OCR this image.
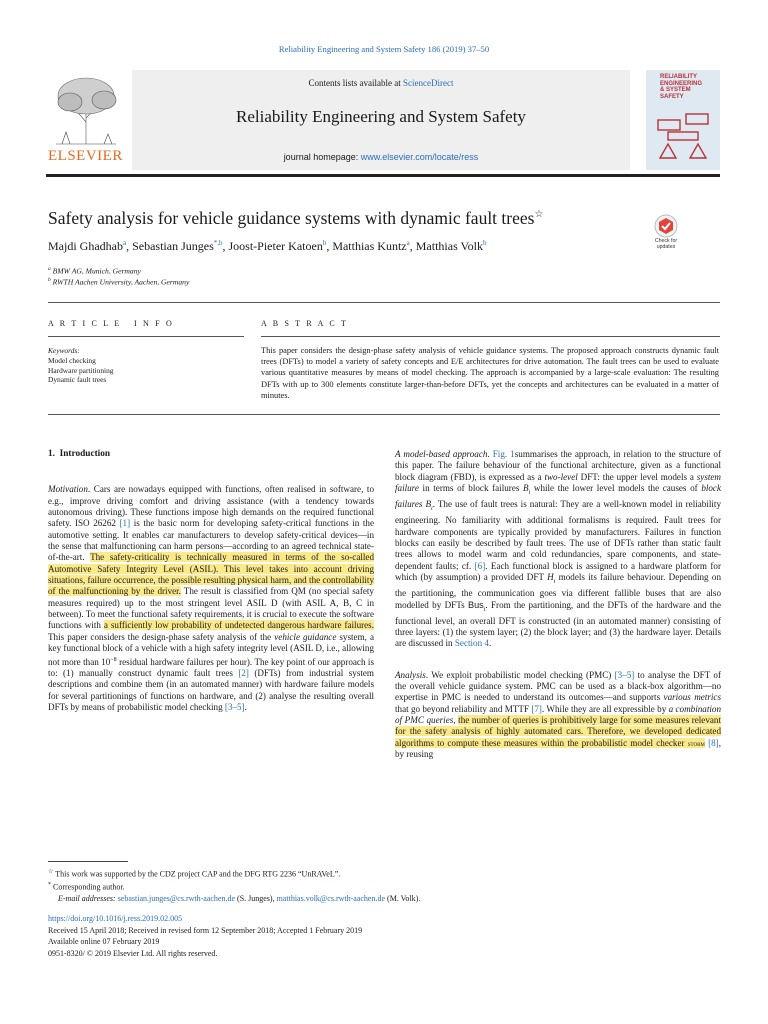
Reliability Engineering and System Safety 186 (2019) 37–50
ELSEVIER
Contents lists available at ScienceDirect
Reliability Engineering and System Safety
journal homepage: www.elsevier.com/locate/ress
RELIABILITY
ENGINEERING
& SYSTEM
SAFETY
Safety analysis for vehicle guidance systems with dynamic fault trees☆
Check for
updates
Majdi Ghadhab$^a$, Sebastian Junges$^{*,b}$, Joost-Pieter Katoen$^b$, Matthias Kuntz$^a$, Matthias Volk$^b$
$^a$ BMW AG, Munich, Germany
$^b$ RWTH Aachen University, Aachen, Germany
A R T I C L E   I N F O	A B S T R A C T
Keywords:
Model checking
Hardware partitioning
Dynamic fault trees
This paper considers the design-phase safety analysis of vehicle guidance systems. The proposed approach constructs dynamic fault trees (DFTs) to model a variety of safety concepts and E/E architectures for drive automation. The fault trees can be used to evaluate various quantitative measures by means of model checking. The approach is accompanied by a large-scale evaluation: The resulting DFTs with up to 300 elements constitute larger-than-before DFTs, yet the concepts and architectures can be evaluated in a matter of minutes.
1.  Introduction

Motivation. Cars are nowadays equipped with functions, often realised in software, to e.g., improve driving comfort and driving assistance (with a tendency towards autonomous driving). These functions impose high demands on the required functional safety. ISO 26262 [1] is the basic norm for developing safety-critical functions in the automotive setting. It enables car manufacturers to develop safety-critical devices—in the sense that malfunctioning can harm persons—according to an agreed technical state-of-the-art. The safety-criticality is technically measured in terms of the so-called Automotive Safety Integrity Level (ASIL). This level takes into account driving situations, failure occurrence, the possible resulting physical harm, and the controllability of the malfunctioning by the driver. The result is classified from QM (no special safety measures required) up to the most stringent level ASIL D (with ASIL A, B, C in between). To meet the functional safety requirements, it is crucial to execute the software functions with a sufficiently low probability of undetected dangerous hardware failures. This paper considers the design-phase safety analysis of the vehicle guidance system, a key functional block of a vehicle with a high safety integrity level (ASIL D, i.e., allowing not more than $10^{-8}$ residual hardware failures per hour). The key point of our approach is to: (1) manually construct dynamic fault trees [2] (DFTs) from industrial system descriptions and combine them (in an automated manner) with hardware failure models for several partitionings of functions on hardware, and (2) analyse the resulting overall DFTs by means of probabilistic model checking [3–5].

A model-based approach. Fig. 1summarises the approach, in relation to the structure of this paper. The failure behaviour of the functional architecture, given as a functional block diagram (FBD), is expressed as a two-level DFT: the upper level models a system failure in terms of block failures $B_i$ while the lower level models the causes of block failures $B_i$. The use of fault trees is natural: They are a well-known model in reliability engineering. No familiarity with additional formalisms is required. Fault trees for hardware components are typically provided by manufacturers. Failures in function blocks can easily be described by fault trees. The use of DFTs rather than static fault trees allows to model warm and cold redundancies, spare components, and state-dependent faults; cf. [6]. Each functional block is assigned to a hardware platform for which (by assumption) a provided DFT $H_i$ models its failure behaviour. Depending on the partitioning, the communication goes via different fallible buses that are also modelled by DFTs Bus$_i$. From the partitioning, and the DFTs of the hardware and the functional level, an overall DFT is constructed (in an automated manner) consisting of three layers: (1) the system layer; (2) the block layer; and (3) the hardware layer. Details are discussed in Section 4.

Analysis. We exploit probabilistic model checking (PMC) [3–5] to analyse the DFT of the overall vehicle guidance system. PMC can be used as a black-box algorithm—no expertise in PMC is needed to understand its outcomes—and supports various metrics that go beyond reliability and MTTF [7]. While they are all expressible by a combination of PMC queries, the number of queries is prohibitively large for some measures relevant for the safety analysis of highly automated cars. Therefore, we developed dedicated algorithms to compute these measures within the probabilistic model checker storm [8], by reusing

☆ This work was supported by the CDZ project CAP and the DFG RTG 2236 “UnRAVeL”.
* Corresponding author.
E-mail addresses: sebastian.junges@cs.rwth-aachen.de (S. Junges), matthias.volk@cs.rwth-aachen.de (M. Volk).
https://doi.org/10.1016/j.ress.2019.02.005
Received 15 April 2018; Received in revised form 12 September 2018; Accepted 1 February 2019
Available online 07 February 2019
0951-8320/ © 2019 Elsevier Ltd. All rights reserved.
